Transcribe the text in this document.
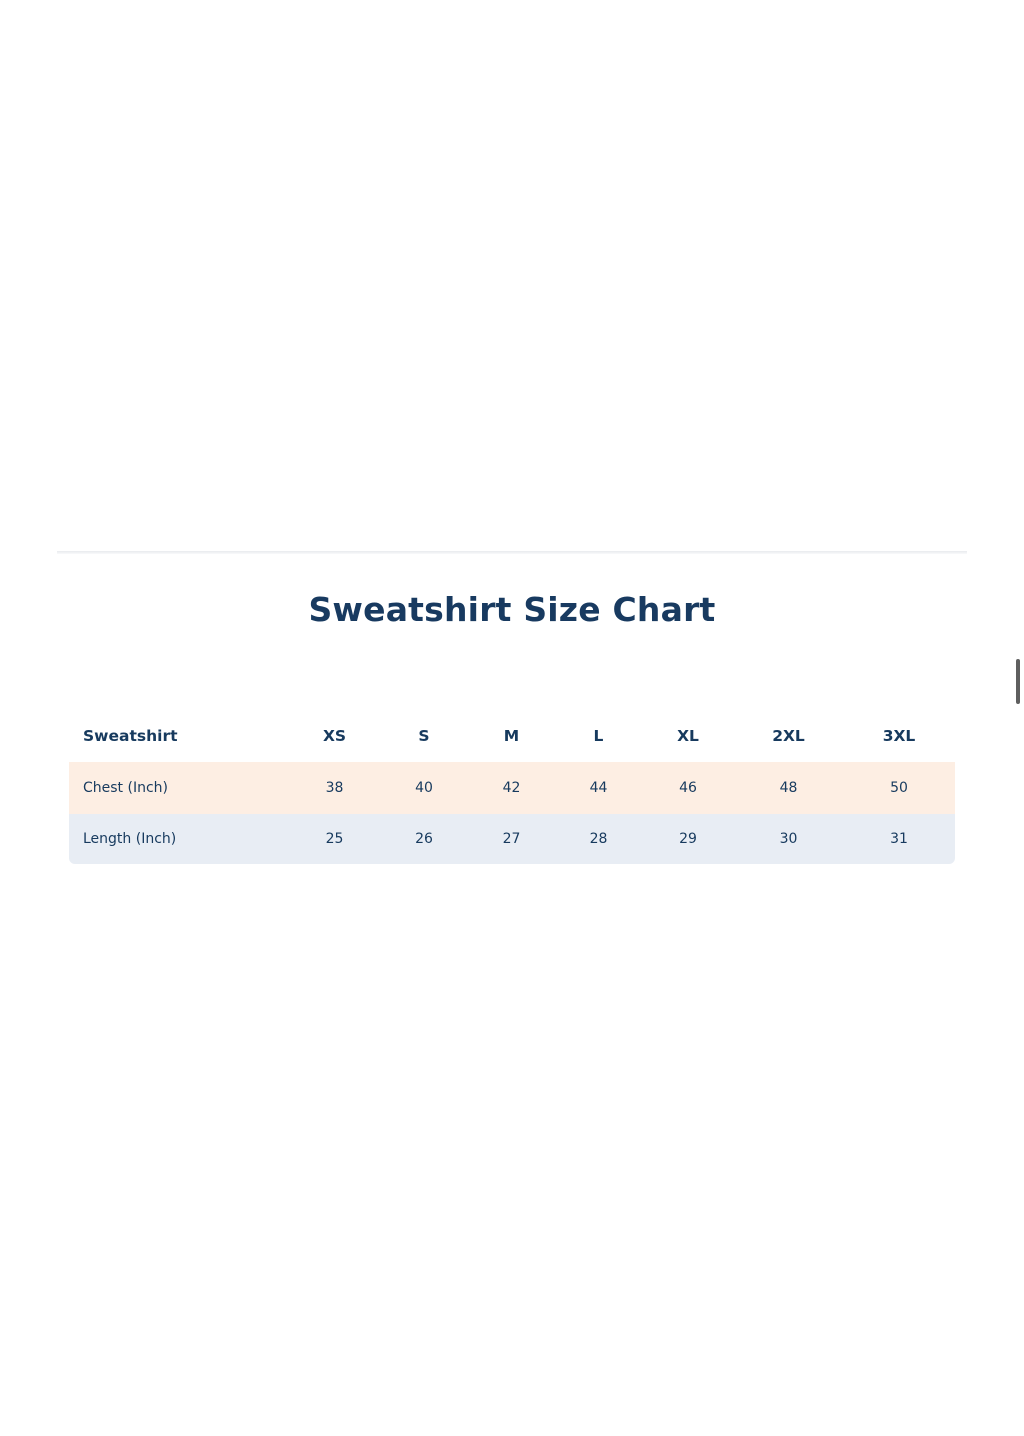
Sweatshirt Size Chart
Sweatshirt	XS	S	M	L	XL	2XL	3XL
Chest (Inch)	38	40	42	44	46	48	50
Length (Inch)	25	26	27	28	29	30	31
